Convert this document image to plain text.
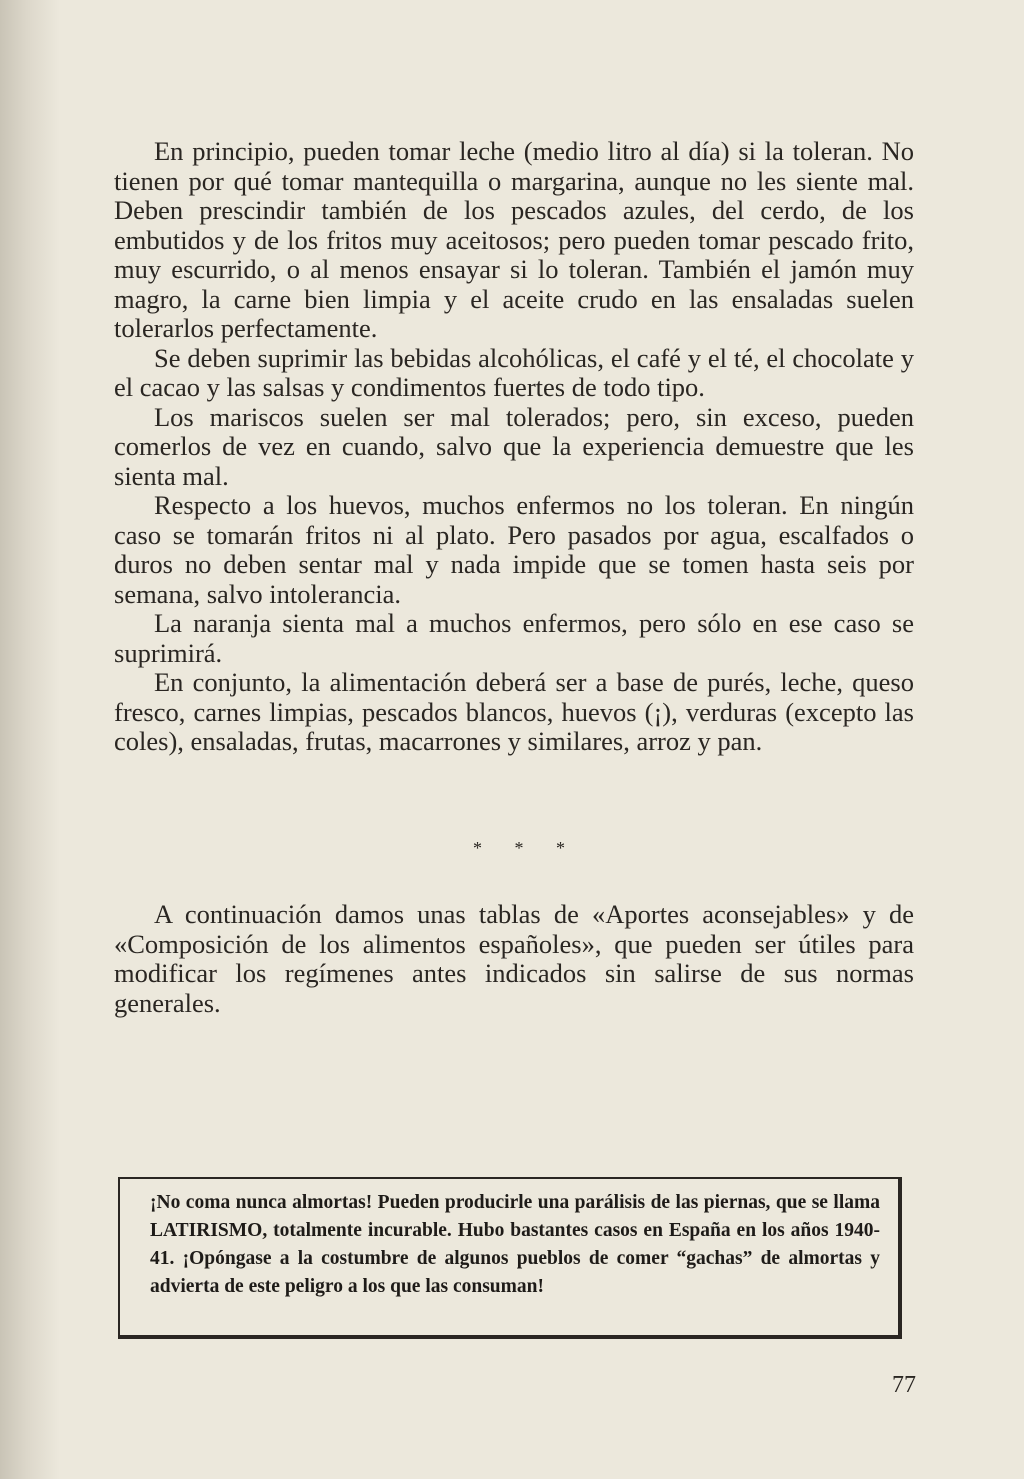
En principio, pueden tomar leche (medio litro al día) si la toleran. No tienen por qué tomar mantequilla o margarina, aunque no les siente mal. Deben prescindir también de los pescados azules, del cerdo, de los embutidos y de los fritos muy aceitosos; pero pueden tomar pescado frito, muy escurrido, o al menos ensayar si lo toleran. También el jamón muy magro, la carne bien limpia y el aceite crudo en las ensaladas suelen tolerarlos perfectamente.

Se deben suprimir las bebidas alcohólicas, el café y el té, el chocolate y el cacao y las salsas y condimentos fuertes de todo tipo.

Los mariscos suelen ser mal tolerados; pero, sin exceso, pueden comerlos de vez en cuando, salvo que la experiencia demuestre que les sienta mal.

Respecto a los huevos, muchos enfermos no los toleran. En ningún caso se tomarán fritos ni al plato. Pero pasados por agua, escalfados o duros no deben sentar mal y nada impide que se tomen hasta seis por semana, salvo intolerancia.

La naranja sienta mal a muchos enfermos, pero sólo en ese caso se suprimirá.

En conjunto, la alimentación deberá ser a base de purés, leche, queso fresco, carnes limpias, pescados blancos, huevos (¡), verduras (excepto las coles), ensaladas, frutas, macarrones y similares, arroz y pan.

* * *

A continuación damos unas tablas de «Aportes aconsejables» y de «Composición de los alimentos españoles», que pueden ser útiles para modificar los regímenes antes indicados sin salirse de sus normas generales.

¡No coma nunca almortas! Pueden producirle una parálisis de las piernas, que se llama LATIRISMO, totalmente incurable. Hubo bastantes casos en España en los años 1940-41. ¡Opóngase a la costumbre de algunos pueblos de comer “gachas” de almortas y advierta de este peligro a los que las consuman!

77
